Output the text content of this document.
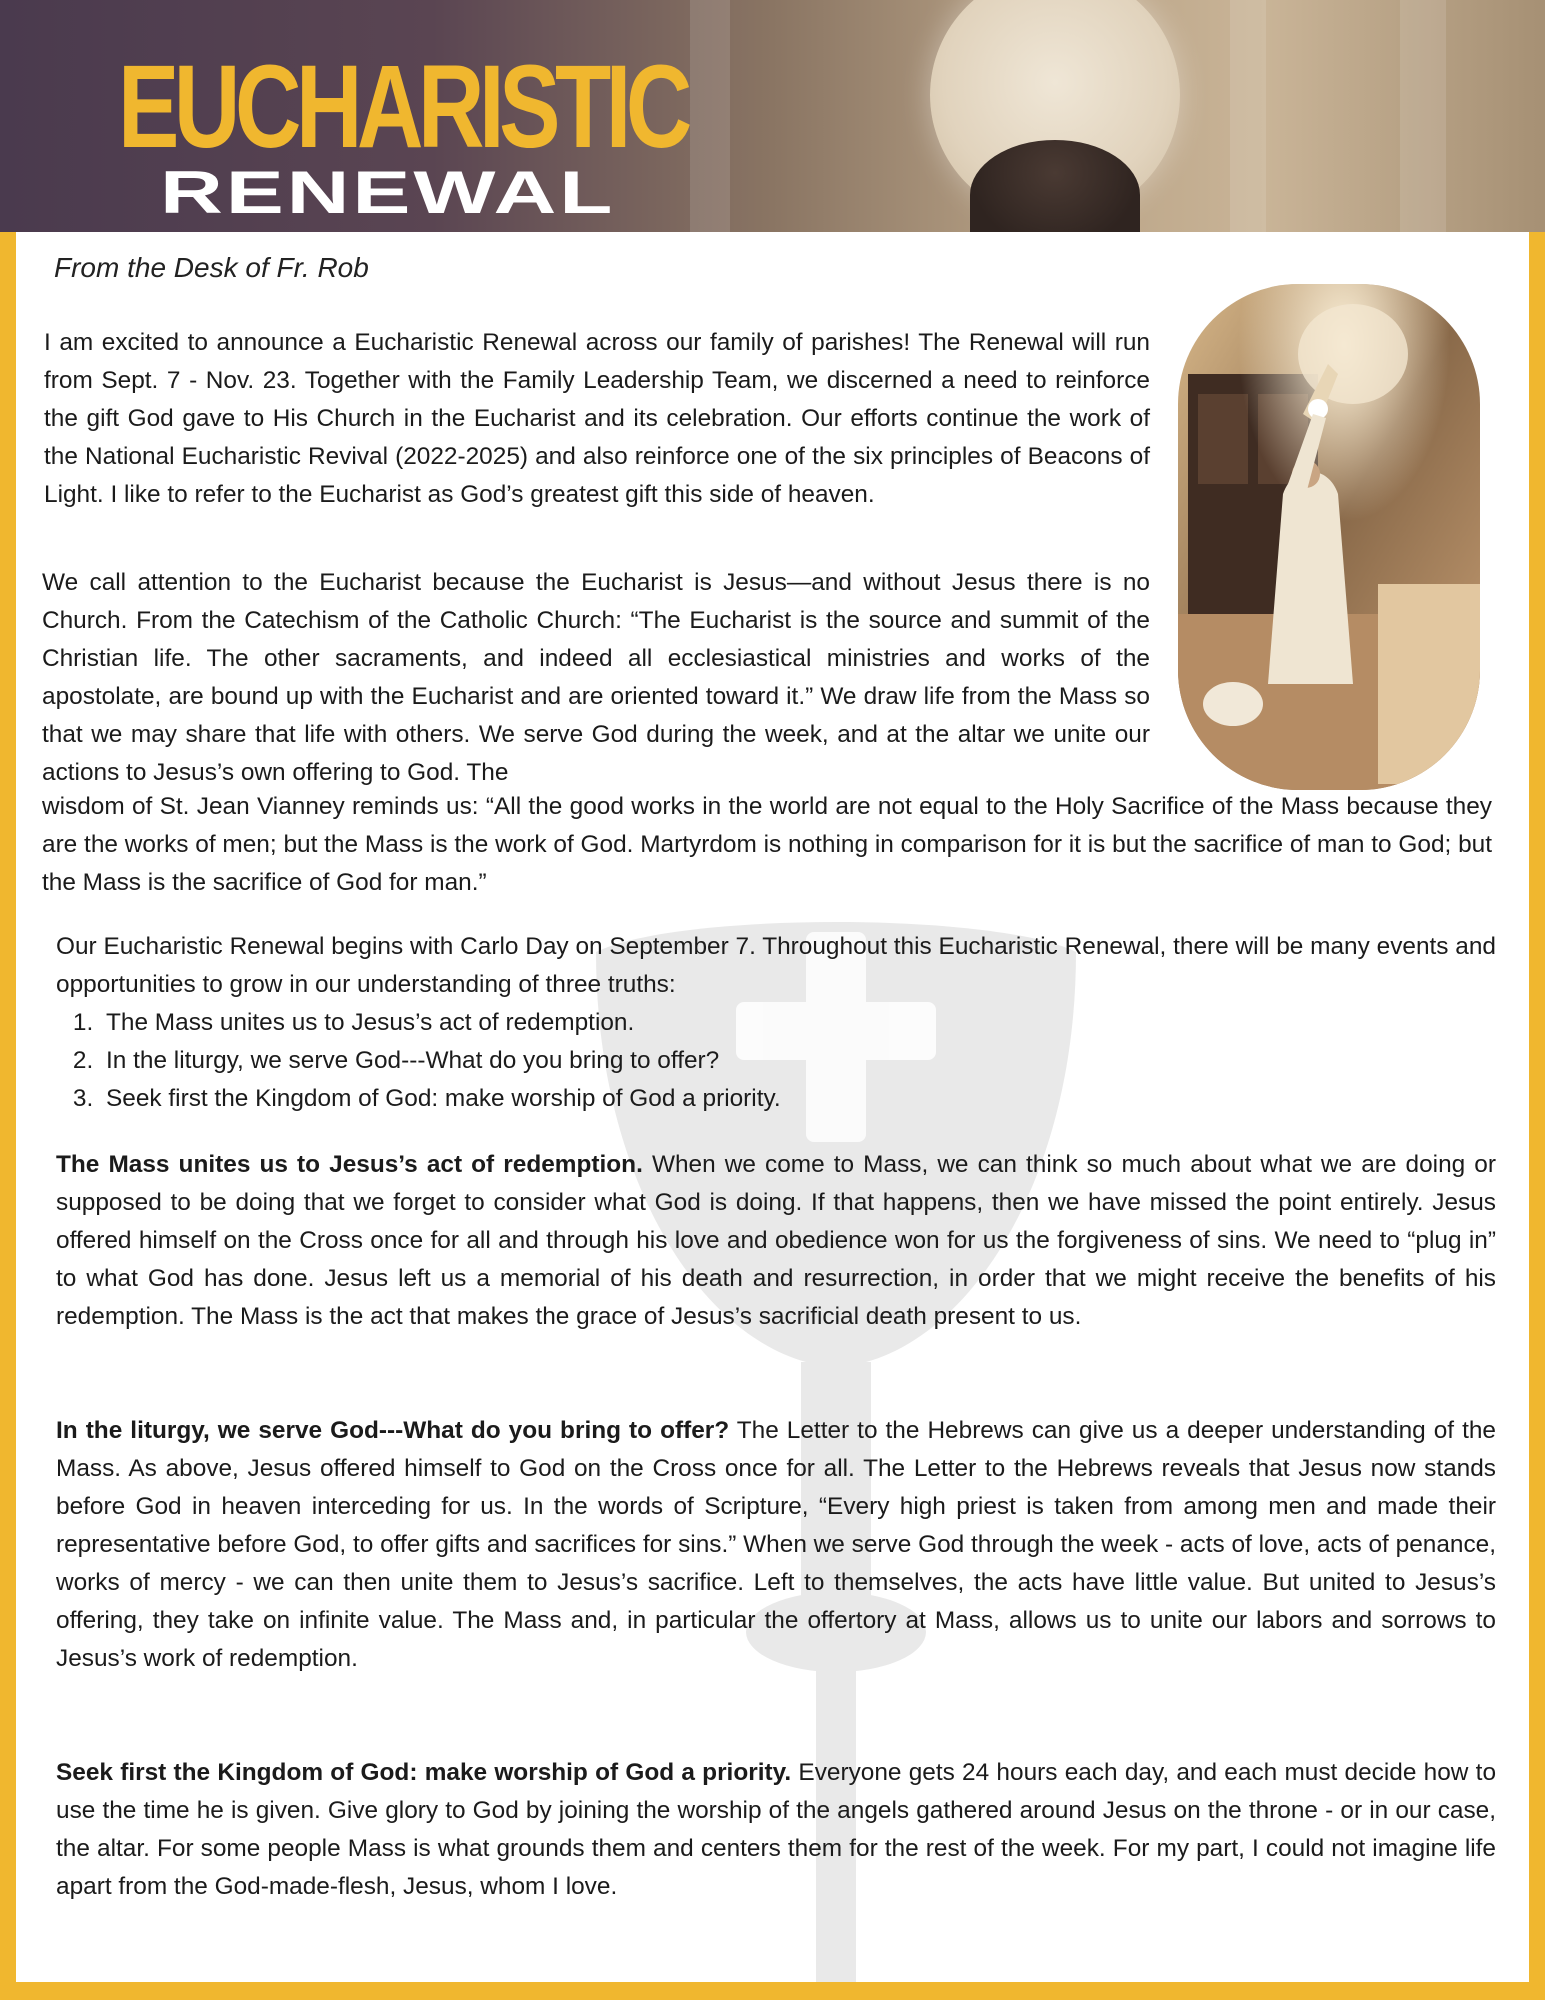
EUCHARISTIC
RENEWAL
From the Desk of Fr. Rob

I am excited to announce a Eucharistic Renewal across our family of parishes! The Renewal will run from Sept. 7 - Nov. 23. Together with the Family Leadership Team, we discerned a need to reinforce the gift God gave to His Church in the Eucharist and its celebration. Our efforts continue the work of the National Eucharistic Revival (2022-2025) and also reinforce one of the six principles of Beacons of Light. I like to refer to the Eucharist as God’s greatest gift this side of heaven.

We call attention to the Eucharist because the Eucharist is Jesus—and without Jesus there is no Church. From the Catechism of the Catholic Church: “The Eucharist is the source and summit of the Christian life. The other sacraments, and indeed all ecclesiastical ministries and works of the apostolate, are bound up with the Eucharist and are oriented toward it.” We draw life from the Mass so that we may share that life with others. We serve God during the week, and at the altar we unite our actions to Jesus’s own offering to God. The

wisdom of St. Jean Vianney reminds us: “All the good works in the world are not equal to the Holy Sacrifice of the Mass because they are the works of men; but the Mass is the work of God. Martyrdom is nothing in comparison for it is but the sacrifice of man to God; but the Mass is the sacrifice of God for man.”

Our Eucharistic Renewal begins with Carlo Day on September 7. Throughout this Eucharistic Renewal, there will be many events and opportunities to grow in our understanding of three truths:

1. The Mass unites us to Jesus’s act of redemption.
2. In the liturgy, we serve God---What do you bring to offer?
3. Seek first the Kingdom of God: make worship of God a priority.

The Mass unites us to Jesus’s act of redemption. When we come to Mass, we can think so much about what we are doing or supposed to be doing that we forget to consider what God is doing. If that happens, then we have missed the point entirely. Jesus offered himself on the Cross once for all and through his love and obedience won for us the forgiveness of sins. We need to “plug in” to what God has done. Jesus left us a memorial of his death and resurrection, in order that we might receive the benefits of his redemption. The Mass is the act that makes the grace of Jesus’s sacrificial death present to us.

In the liturgy, we serve God---What do you bring to offer? The Letter to the Hebrews can give us a deeper understanding of the Mass. As above, Jesus offered himself to God on the Cross once for all. The Letter to the Hebrews reveals that Jesus now stands before God in heaven interceding for us. In the words of Scripture, “Every high priest is taken from among men and made their representative before God, to offer gifts and sacrifices for sins.” When we serve God through the week - acts of love, acts of penance, works of mercy - we can then unite them to Jesus’s sacrifice. Left to themselves, the acts have little value. But united to Jesus’s offering, they take on infinite value. The Mass and, in particular the offertory at Mass, allows us to unite our labors and sorrows to Jesus’s work of redemption.

Seek first the Kingdom of God: make worship of God a priority. Everyone gets 24 hours each day, and each must decide how to use the time he is given. Give glory to God by joining the worship of the angels gathered around Jesus on the throne - or in our case, the altar. For some people Mass is what grounds them and centers them for the rest of the week. For my part, I could not imagine life apart from the God-made-flesh, Jesus, whom I love.
